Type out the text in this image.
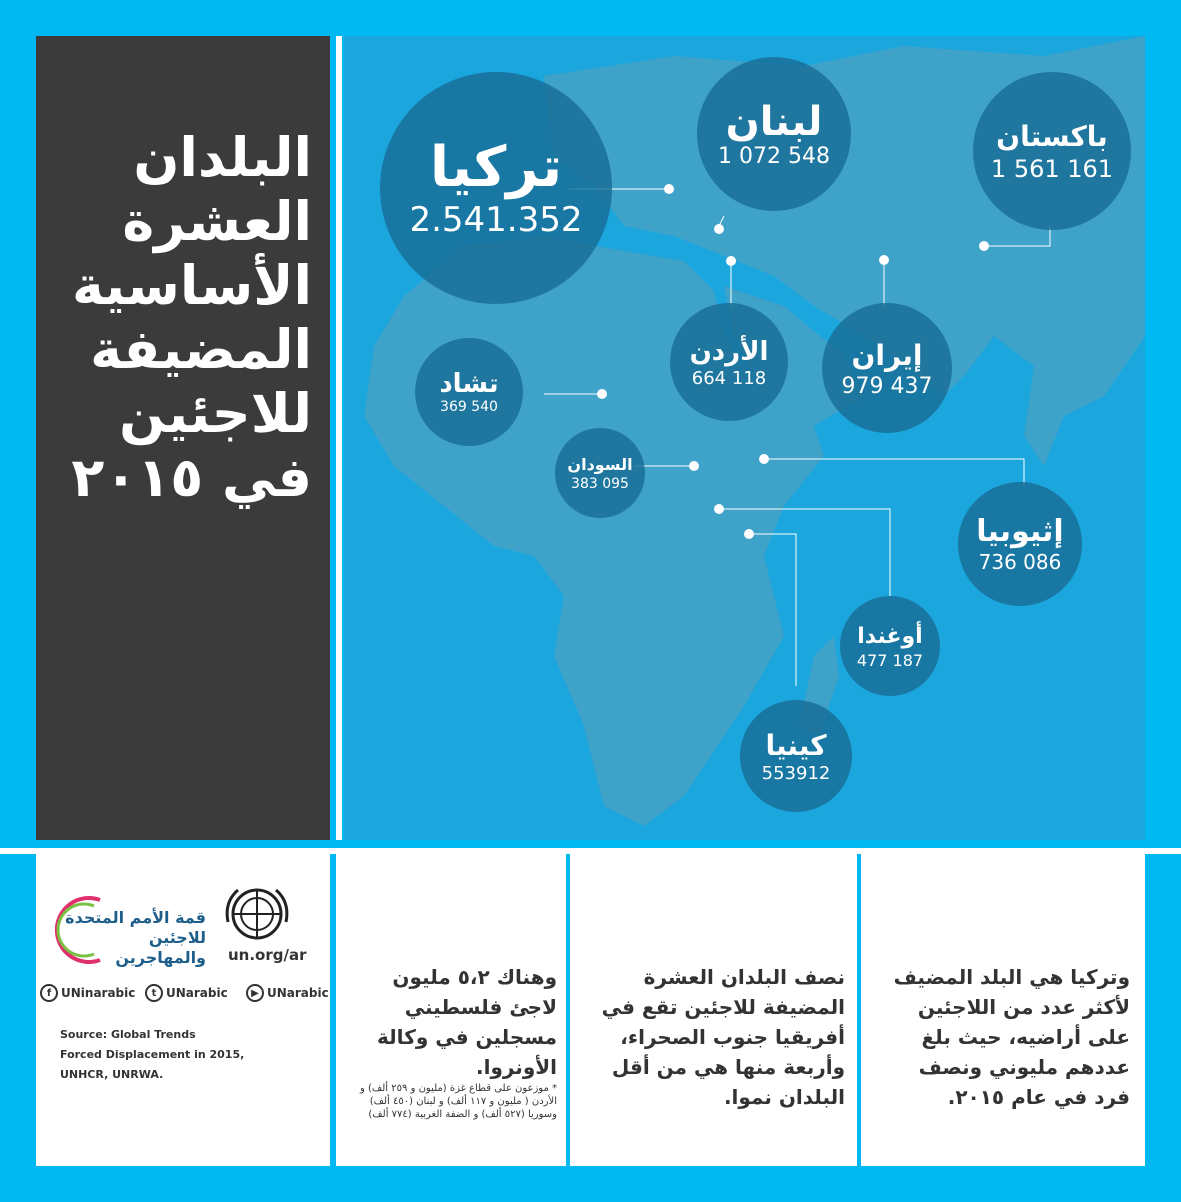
البلدان
العشرة
الأساسية
المضيفة
للاجئين
في ٢٠١٥
تركيا
2.541.352
لبنان
1 072 548
باكستان
1 561 161
تشاد
369 540
الأردن
664 118
إيران
979 437
السودان
383 095
إثيوبيا
736 086
أوغندا
477 187
كينيا
553912
وتركيا هي البلد المضيف لأكثر عدد من اللاجئين على أراضيه، حيث بلغ عددهم مليوني ونصف فرد في عام ٢٠١٥.
نصف البلدان العشرة المضيفة للاجئين تقع في أفريقيا جنوب الصحراء، وأربعة منها هي من أقل البلدان نموا.
وهناك ٥،٢ مليون لاجئ فلسطيني مسجلين في وكالة الأونروا.
* موزعون على قطاع غزة (مليون و ٢٥٩ ألف) و الأردن ( مليون و ١١٧ ألف) و لبنان (٤٥٠ ألف) وسوريا (٥٢٧ ألف) و الضفة الغربية (٧٧٤ ألف)
قمة الأمم المتحدة
للاجئين والمهاجرين un.org/ar
f UNinarabic	t UNarabic	▶ UNarabic
Source: Global Trends
Forced Displacement in 2015,
UNHCR, UNRWA.
